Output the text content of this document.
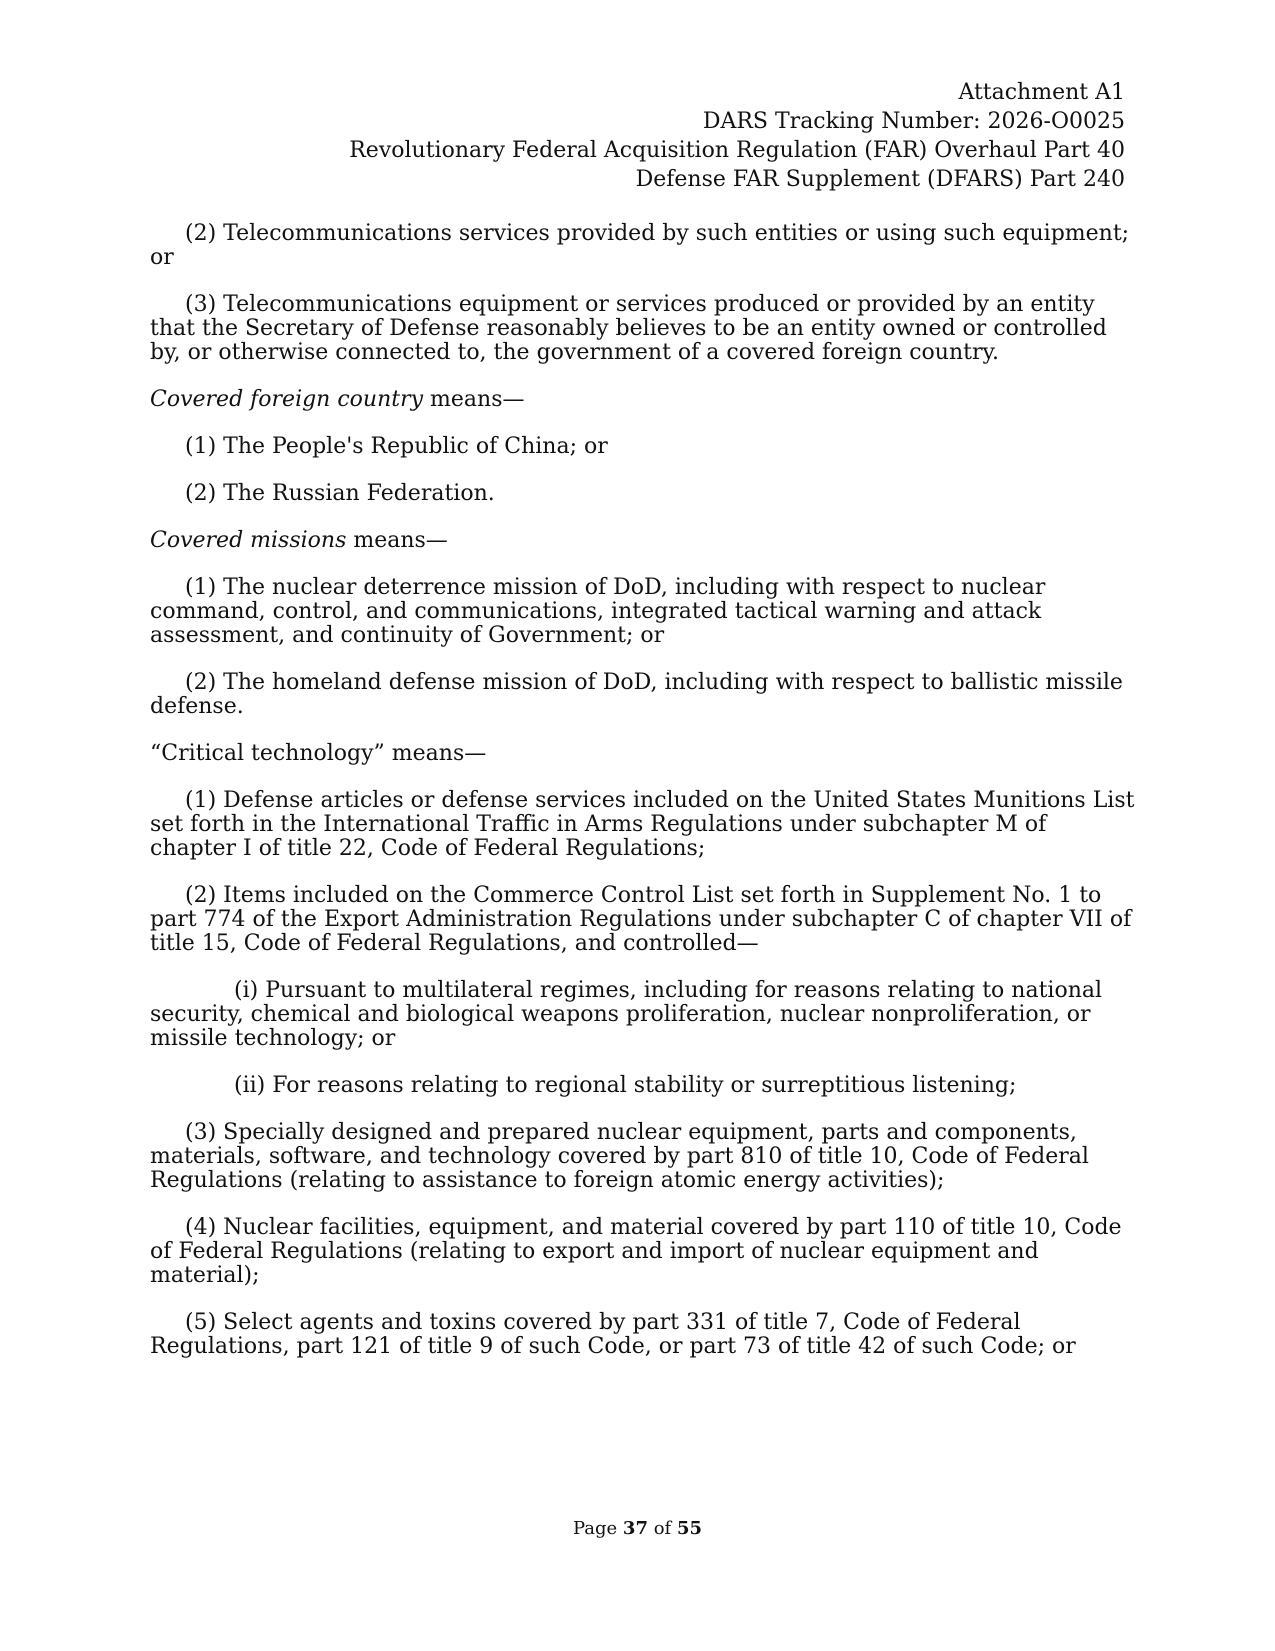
Attachment A1
DARS Tracking Number: 2026-O0025
Revolutionary Federal Acquisition Regulation (FAR) Overhaul Part 40
Defense FAR Supplement (DFARS) Part 240

(2) Telecommunications services provided by such entities or using such equipment; or

(3) Telecommunications equipment or services produced or provided by an entity that the Secretary of Defense reasonably believes to be an entity owned or controlled by, or otherwise connected to, the government of a covered foreign country.

Covered foreign country means—

(1) The People's Republic of China; or

(2) The Russian Federation.

Covered missions means—

(1) The nuclear deterrence mission of DoD, including with respect to nuclear command, control, and communications, integrated tactical warning and attack assessment, and continuity of Government; or

(2) The homeland defense mission of DoD, including with respect to ballistic missile defense.

“Critical technology” means—

(1) Defense articles or defense services included on the United States Munitions List set forth in the International Traffic in Arms Regulations under subchapter M of chapter I of title 22, Code of Federal Regulations;

(2) Items included on the Commerce Control List set forth in Supplement No. 1 to part 774 of the Export Administration Regulations under subchapter C of chapter VII of title 15, Code of Federal Regulations, and controlled—

(i) Pursuant to multilateral regimes, including for reasons relating to national security, chemical and biological weapons proliferation, nuclear nonproliferation, or missile technology; or

(ii) For reasons relating to regional stability or surreptitious listening;

(3) Specially designed and prepared nuclear equipment, parts and components, materials, software, and technology covered by part 810 of title 10, Code of Federal Regulations (relating to assistance to foreign atomic energy activities);

(4) Nuclear facilities, equipment, and material covered by part 110 of title 10, Code of Federal Regulations (relating to export and import of nuclear equipment and material);

(5) Select agents and toxins covered by part 331 of title 7, Code of Federal Regulations, part 121 of title 9 of such Code, or part 73 of title 42 of such Code; or

Page 37 of 55
